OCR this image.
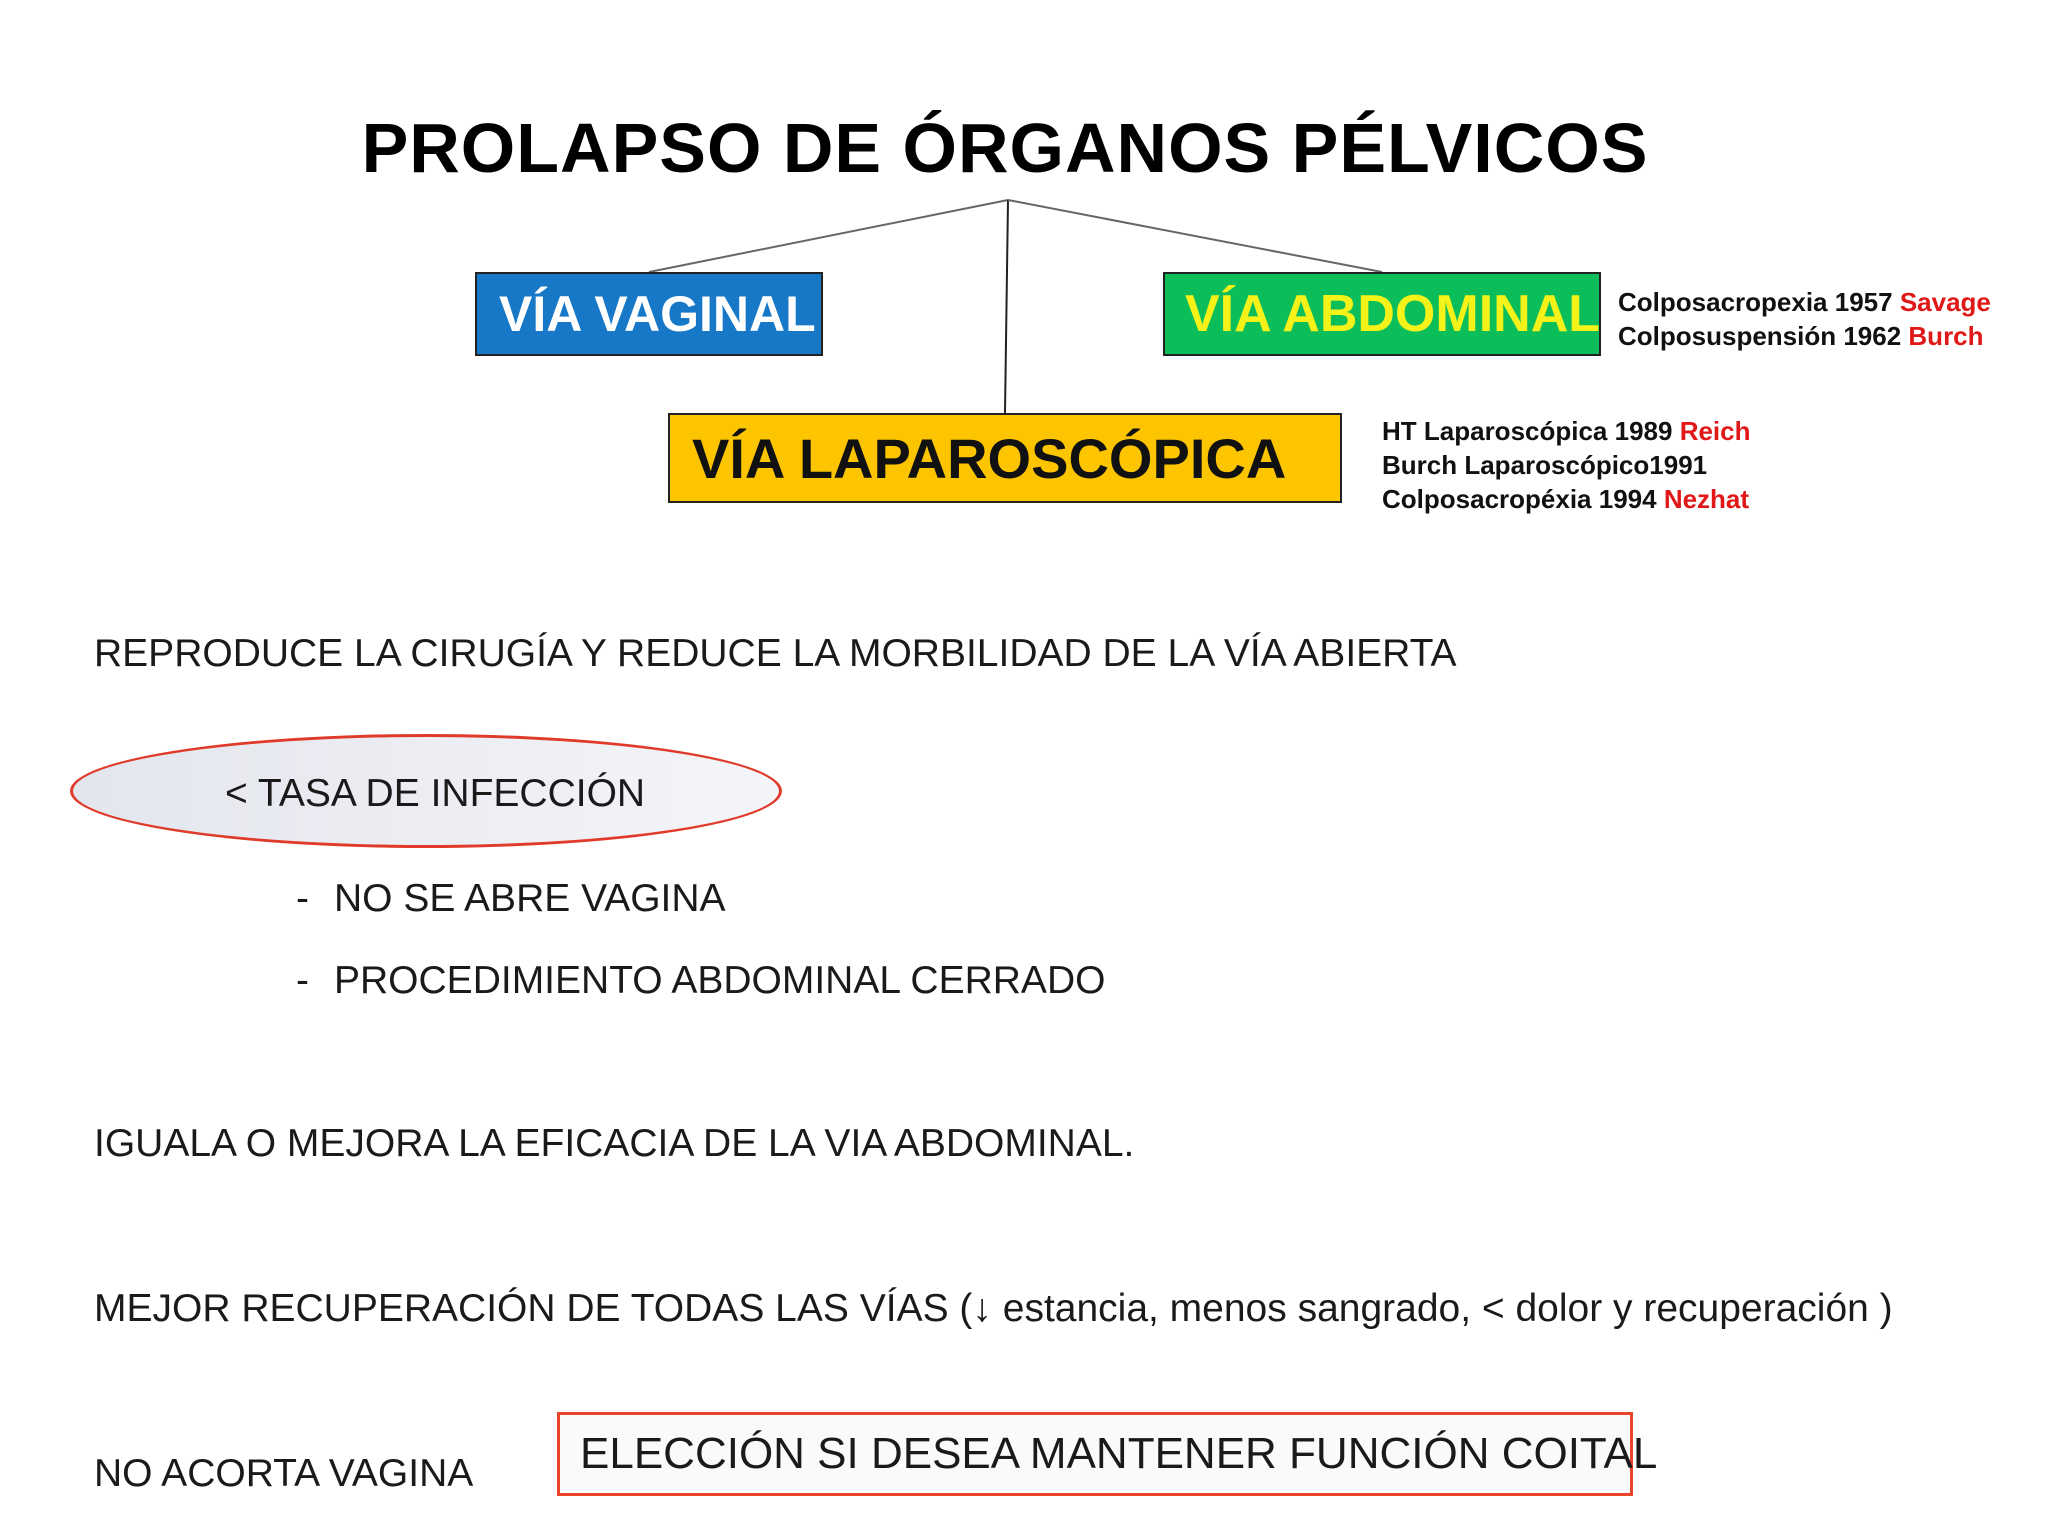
PROLAPSO DE ÓRGANOS PÉLVICOS
VÍA VAGINAL	VÍA ABDOMINAL
VÍA LAPAROSCÓPICA
Colposacropexia 1957 Savage
Colposuspensión 1962 Burch
HT Laparoscópica 1989 Reich
Burch Laparoscópico1991
Colposacropéxia 1994 Nezhat
REPRODUCE LA CIRUGÍA Y REDUCE LA MORBILIDAD DE LA VÍA ABIERTA
< TASA DE INFECCIÓN
- NO SE ABRE VAGINA
- PROCEDIMIENTO ABDOMINAL CERRADO
IGUALA O MEJORA LA EFICACIA DE LA VIA ABDOMINAL.
MEJOR RECUPERACIÓN DE TODAS LAS VÍAS (↓ estancia, menos sangrado, < dolor y recuperación )
NO ACORTA VAGINA ELECCIÓN SI DESEA MANTENER FUNCIÓN COITAL
